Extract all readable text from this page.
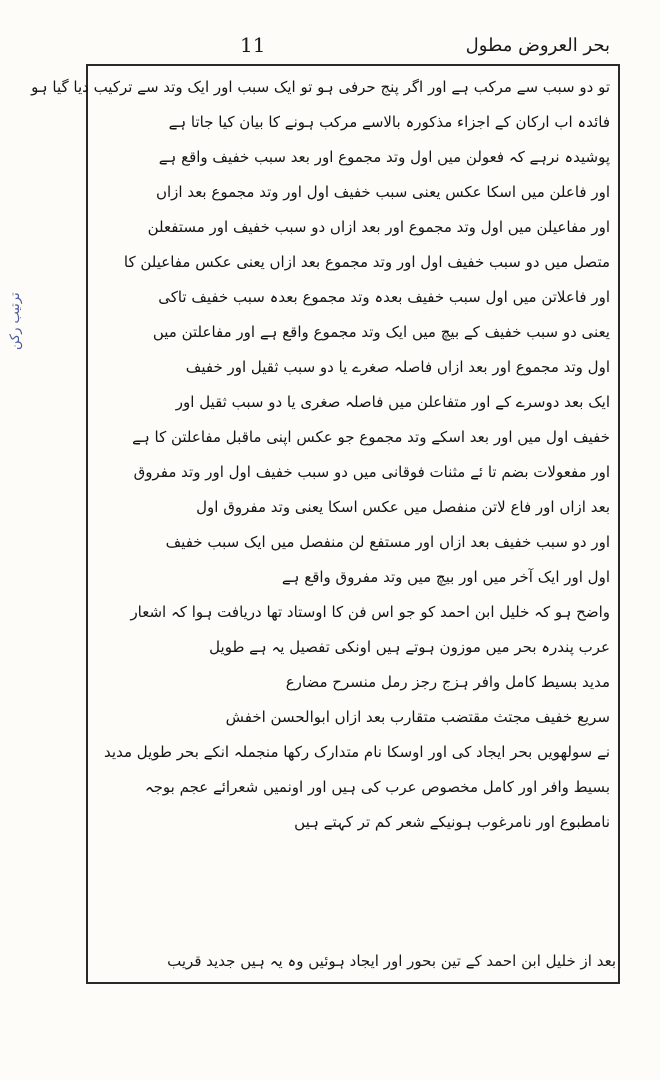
بحر العروض مطول
11
ترتیب رکن
تو دو سبب سے مرکب ہے اور اگر پنج حرفی ہو تو ایک سبب اور ایک وتد سے ترکیب دیا گیا ہو
فائدہ اب ارکان کے اجزاء مذکورہ بالاسے مرکب ہونے کا بیان کیا جاتا ہے
پوشیدہ نرہے کہ فعولن میں اول وتد مجموع اور بعد سبب خفیف واقع ہے
اور فاعلن میں اسکا عکس یعنی سبب خفیف اول اور وتد مجموع بعد ازاں
اور مفاعیلن میں اول وتد مجموع اور بعد ازاں دو سبب خفیف اور مستفعلن
متصل میں دو سبب خفیف اول اور وتد مجموع بعد ازاں یعنی عکس مفاعیلن کا
اور فاعلاتن میں اول سبب خفیف بعدہ وتد مجموع بعدہ سبب خفیف تاکی
یعنی دو سبب خفیف کے بیچ میں ایک وتد مجموع واقع ہے اور مفاعلتن میں
اول وتد مجموع اور بعد ازاں فاصلہ صغرے یا دو سبب ثقیل اور خفیف
ایک بعد دوسرے کے اور متفاعلن میں فاصلہ صغری یا دو سبب ثقیل اور
خفیف اول میں اور بعد اسکے وتد مجموع جو عکس اپنی ماقبل مفاعلتن کا ہے
اور مفعولات بضم تا ئے مثنات فوقانی میں دو سبب خفیف اول اور وتد مفروق
بعد ازاں اور فاع لاتن منفصل میں عکس اسکا یعنی وتد مفروق اول
اور دو سبب خفیف بعد ازاں اور مستفع لن منفصل میں ایک سبب خفیف
اول اور ایک آخر میں اور بیچ میں وتد مفروق واقع ہے
واضح ہو کہ خلیل ابن احمد کو جو اس فن کا اوستاد تھا دریافت ہوا کہ اشعار
عرب پندرہ بحر میں موزون ہوتے ہیں اونکی تفصیل یہ ہے طویل
مدید بسیط کامل وافر ہزج رجز رمل منسرح مضارع
سریع خفیف مجتث مقتضب متقارب بعد ازاں ابوالحسن اخفش
نے سولھویں بحر ایجاد کی اور اوسکا نام متدارک رکھا منجملہ انکے بحر طویل مدید
بسیط وافر اور کامل مخصوص عرب کی ہیں اور اونمیں شعرائے عجم بوجہ
نامطبوع اور نامرغوب ہونیکے شعر کم تر کہتے ہیں
بعد از خلیل ابن احمد کے تین بحور اور ایجاد ہوئیں وہ یہ ہیں جدید قریب
